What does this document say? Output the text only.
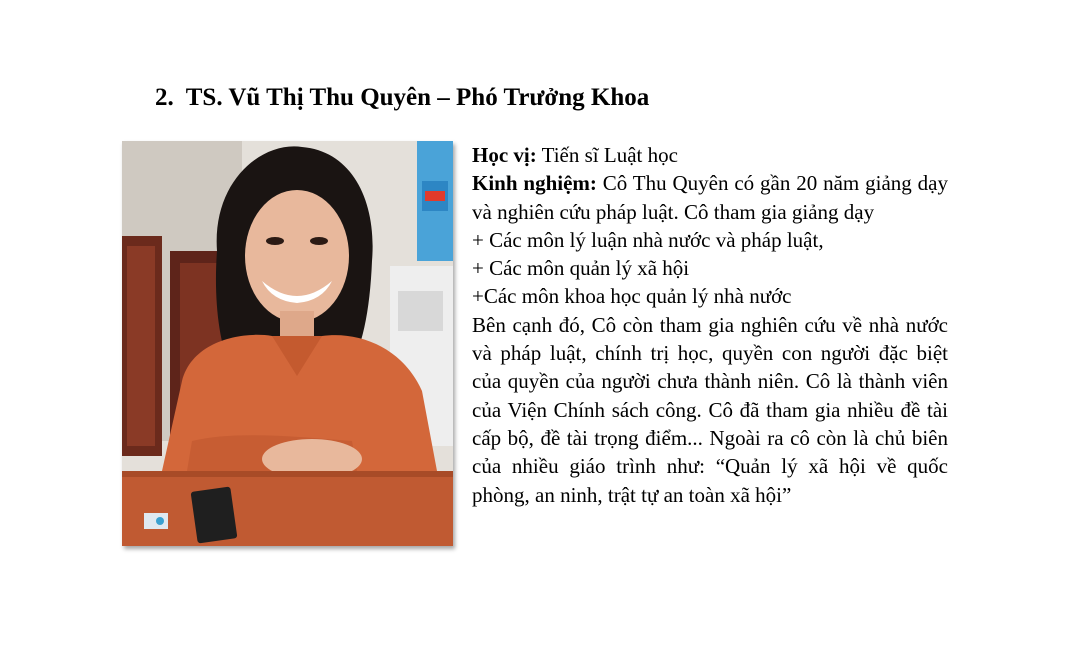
2. TS. Vũ Thị Thu Quyên – Phó Trưởng Khoa

Học vị: Tiến sĩ Luật học

Kinh nghiệm: Cô Thu Quyên có gần 20 năm giảng dạy và nghiên cứu pháp luật. Cô tham gia giảng dạy

+ Các môn lý luận nhà nước và pháp luật,

+ Các môn quản lý xã hội

+Các môn khoa học quản lý nhà nước

Bên cạnh đó, Cô còn tham gia nghiên cứu về nhà nước và pháp luật, chính trị học, quyền con người đặc biệt của quyền của người chưa thành niên. Cô là thành viên của Viện Chính sách công. Cô đã tham gia nhiều đề tài cấp bộ, đề tài trọng điểm... Ngoài ra cô còn là chủ biên của nhiều giáo trình như: “Quản lý xã hội về quốc phòng, an ninh, trật tự an toàn xã hội”
